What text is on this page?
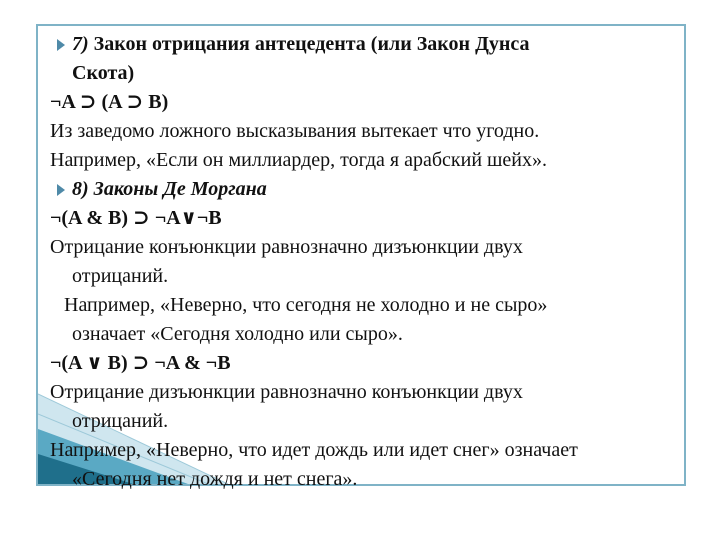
7) Закон отрицания антецедента (или Закон Дунса
Скота)
¬A ⊃ (A ⊃ B)
Из заведомо ложного высказывания вытекает что угодно.
Например, «Если он миллиардер, тогда я арабский шейх».
8) Законы Де Моргана
¬(A & B) ⊃ ¬A∨¬B
Отрицание конъюнкции равнозначно дизъюнкции двух
отрицаний.
Например, «Неверно, что сегодня не холодно и не сыро»
означает «Сегодня холодно или сыро».
¬(A ∨ B) ⊃ ¬A & ¬B
Отрицание дизъюнкции равнозначно конъюнкции двух
отрицаний.
Например, «Неверно, что идет дождь или идет снег» означает
«Сегодня нет дождя и нет снега».
